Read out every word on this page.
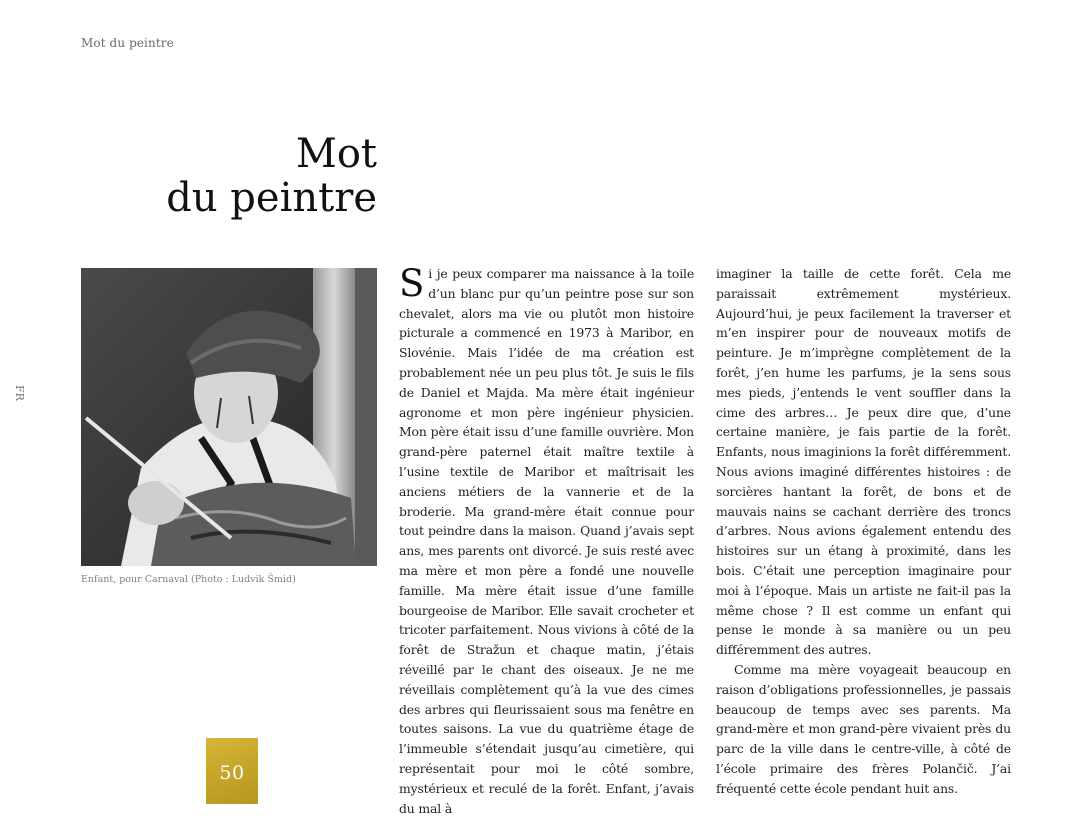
Mot du peintre
Mot
du peintre
FR
Enfant, pour Carnaval (Photo : Ludvik Šmid)

Si je peux comparer ma naissance à la toile d’un blanc pur qu’un peintre pose sur son chevalet, alors ma vie ou plutôt mon histoire picturale a commencé en 1973 à Maribor, en Slovénie. Mais l’idée de ma création est probablement née un peu plus tôt. Je suis le fils de Daniel et Majda. Ma mère était ingénieur agronome et mon père ingénieur physicien. Mon père était issu d’une famille ouvrière. Mon grand-père paternel était maître textile à l’usine textile de Maribor et maîtrisait les anciens métiers de la vannerie et de la broderie. Ma grand-mère était connue pour tout peindre dans la maison. Quand j’avais sept ans, mes parents ont divorcé. Je suis resté avec ma mère et mon père a fondé une nouvelle famille. Ma mère était issue d’une famille bourgeoise de Maribor. Elle savait crocheter et tricoter parfaitement. Nous vivions à côté de la forêt de Stražun et chaque matin, j’étais réveillé par le chant des oiseaux. Je ne me réveillais complètement qu’à la vue des cimes des arbres qui fleurissaient sous ma fenêtre en toutes saisons. La vue du quatrième étage de l’immeuble s’étendait jusqu’au cimetière, qui représentait pour moi le côté sombre, mystérieux et reculé de la forêt. Enfant, j’avais du mal à

imaginer la taille de cette forêt. Cela me paraissait extrêmement mystérieux. Aujourd’hui, je peux facilement la traverser et m’en inspirer pour de nouveaux motifs de peinture. Je m’imprègne complètement de la forêt, j’en hume les parfums, je la sens sous mes pieds, j’entends le vent souffler dans la cime des arbres… Je peux dire que, d’une certaine manière, je fais partie de la forêt. Enfants, nous imaginions la forêt différemment. Nous avions imaginé différentes histoires : de sorcières hantant la forêt, de bons et de mauvais nains se cachant derrière des troncs d’arbres. Nous avions également entendu des histoires sur un étang à proximité, dans les bois. C’était une perception imaginaire pour moi à l’époque. Mais un artiste ne fait-il pas la même chose ? Il est comme un enfant qui pense le monde à sa manière ou un peu différemment des autres.

Comme ma mère voyageait beaucoup en raison d’obligations professionnelles, je passais beaucoup de temps avec ses parents. Ma grand-mère et mon grand-père vivaient près du parc de la ville dans le centre-ville, à côté de l’école primaire des frères Polančič. J’ai fréquenté cette école pendant huit ans.

50
